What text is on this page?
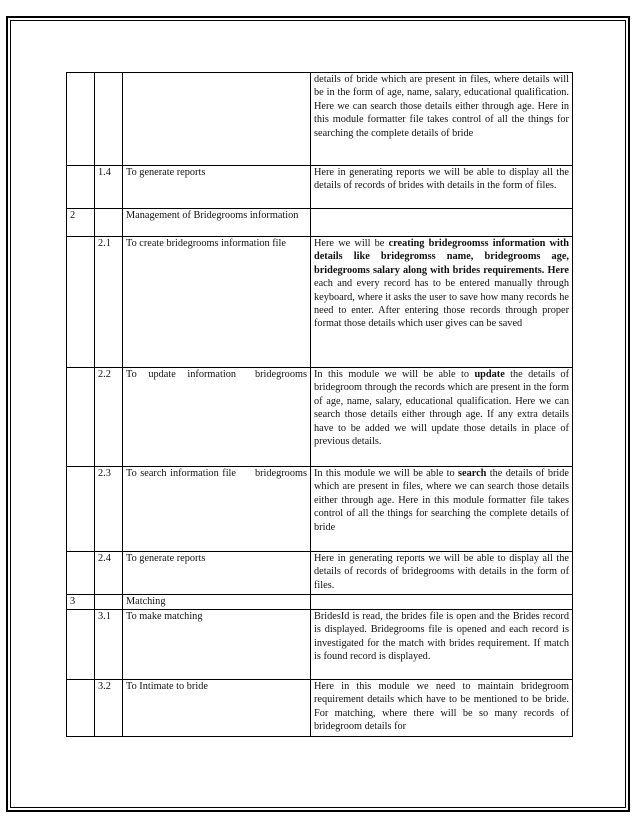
			details of bride which are present in files, where details will be in the form of age, name, salary, educational qualification. Here we can search those details either through age. Here in this module formatter file takes control of all the things for searching the complete details of bride
	1.4	To generate reports	Here in generating reports we will be able to display all the details of records of brides with details in the form of files.
2		Management of Bridegrooms information	
	2.1	To create bridegrooms information file	Here we will be creating bridegroomss information with details like bridegromss name, bridegrooms age, bridegrooms salary along with brides requirements. Here each and every record has to be entered manually through keyboard, where it asks the user to save how many records he need to enter. After entering those records through proper format those details which user gives can be saved
	2.2	To update information bridegrooms	In this module we will be able to update the details of bridegroom through the records which are present in the form of age, name, salary, educational qualification. Here we can search those details either through age. If any extra details have to be added we will update those details in place of previous details.
	2.3	To search information file bridegrooms	In this module we will be able to search the details of bride which are present in files, where we can search those details either through age. Here in this module formatter file takes control of all the things for searching the complete details of bride
	2.4	To generate reports	Here in generating reports we will be able to display all the details of records of bridegrooms with details in the form of files.
3		Matching	
	3.1	To make matching	BridesId is read, the brides file is open and the Brides record is displayed. Bridegrooms file is opened and each record is investigated for the match with brides requirement. If match is found record is displayed.
	3.2	To Intimate to bride	Here in this module we need to maintain bridegroom requirement details which have to be mentioned to be bride. For matching, where there will be so many records of bridegroom details for
